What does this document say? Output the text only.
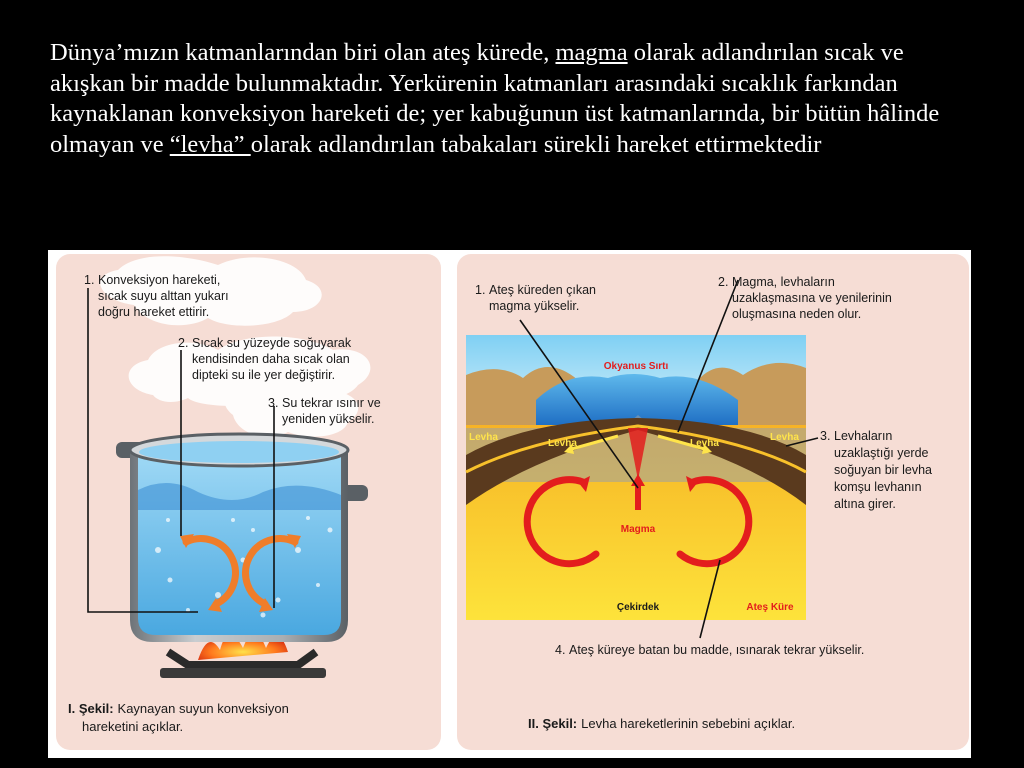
Dünya’mızın katmanlarından biri olan ateş kürede, magma olarak adlandırılan sıcak ve akışkan bir madde bulunmaktadır. Yerkürenin katmanları arasındaki sıcaklık farkından kaynaklanan konveksiyon hareketi de; yer kabuğunun üst katmanlarında, bir bütün hâlinde olmayan ve “levha” olarak adlandırılan tabakaları sürekli hareket ettirmektedir
1. Konveksiyon hareketi,
sıcak suyu alttan yukarı
doğru hareket ettirir.
2. Sıcak su yüzeyde soğuyarak
kendisinden daha sıcak olan
dipteki su ile yer değiştirir.
3. Su tekrar ısınır ve
yeniden yükselir.
I. Şekil: Kaynayan suyun konveksiyon
hareketini açıklar.
Okyanus Sırtı
Levha
Levha	Levha
Levha
Magma
Çekirdek	Ateş Küre
1. Ateş küreden çıkan
magma yükselir.
2. Magma, levhaların
uzaklaşmasına ve yenilerinin
oluşmasına neden olur.
3. Levhaların
uzaklaştığı yerde
soğuyan bir levha
komşu levhanın
altına girer.
4. Ateş küreye batan bu madde, ısınarak tekrar yükselir.
II. Şekil: Levha hareketlerinin sebebini açıklar.
